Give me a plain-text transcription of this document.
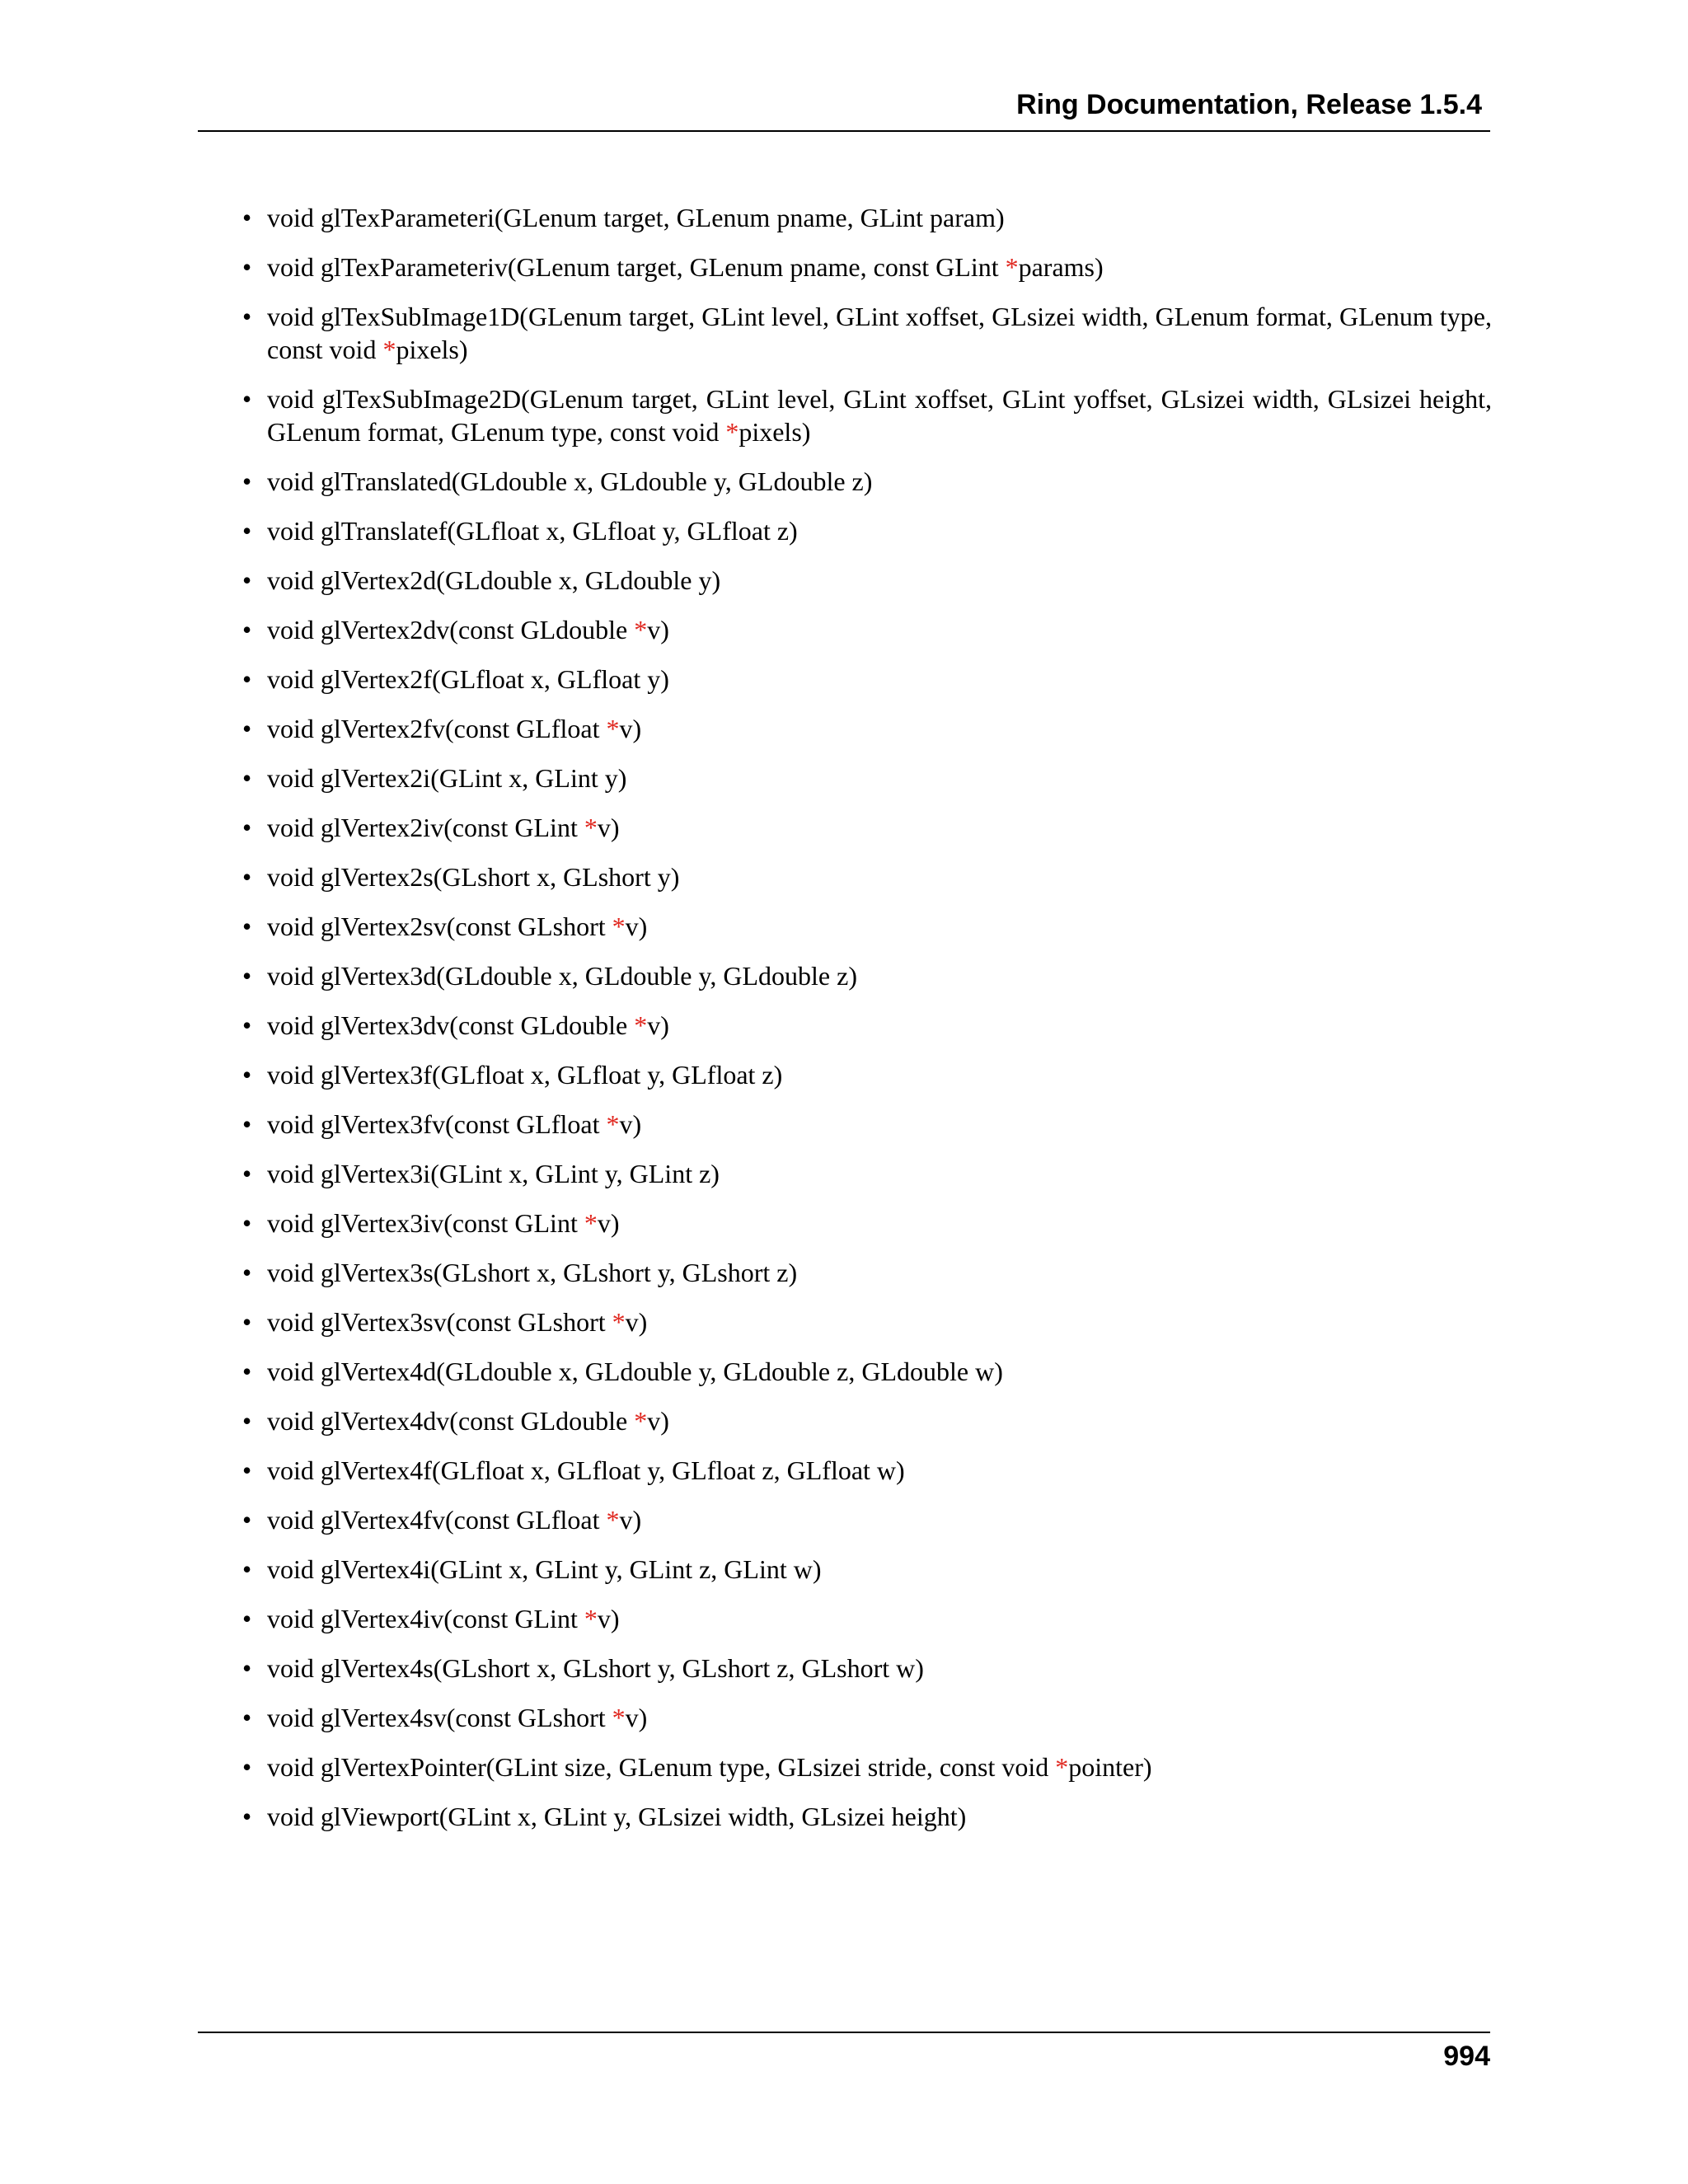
Ring Documentation, Release 1.5.4
• void glTexParameteri(GLenum target, GLenum pname, GLint param)
• void glTexParameteriv(GLenum target, GLenum pname, const GLint *params)
• void glTexSubImage1D(GLenum target, GLint level, GLint xoffset, GLsizei width, GLenum format, GLenum type, const void *pixels)
• void glTexSubImage2D(GLenum target, GLint level, GLint xoffset, GLint yoffset, GLsizei width, GLsizei height, GLenum format, GLenum type, const void *pixels)
• void glTranslated(GLdouble x, GLdouble y, GLdouble z)
• void glTranslatef(GLfloat x, GLfloat y, GLfloat z)
• void glVertex2d(GLdouble x, GLdouble y)
• void glVertex2dv(const GLdouble *v)
• void glVertex2f(GLfloat x, GLfloat y)
• void glVertex2fv(const GLfloat *v)
• void glVertex2i(GLint x, GLint y)
• void glVertex2iv(const GLint *v)
• void glVertex2s(GLshort x, GLshort y)
• void glVertex2sv(const GLshort *v)
• void glVertex3d(GLdouble x, GLdouble y, GLdouble z)
• void glVertex3dv(const GLdouble *v)
• void glVertex3f(GLfloat x, GLfloat y, GLfloat z)
• void glVertex3fv(const GLfloat *v)
• void glVertex3i(GLint x, GLint y, GLint z)
• void glVertex3iv(const GLint *v)
• void glVertex3s(GLshort x, GLshort y, GLshort z)
• void glVertex3sv(const GLshort *v)
• void glVertex4d(GLdouble x, GLdouble y, GLdouble z, GLdouble w)
• void glVertex4dv(const GLdouble *v)
• void glVertex4f(GLfloat x, GLfloat y, GLfloat z, GLfloat w)
• void glVertex4fv(const GLfloat *v)
• void glVertex4i(GLint x, GLint y, GLint z, GLint w)
• void glVertex4iv(const GLint *v)
• void glVertex4s(GLshort x, GLshort y, GLshort z, GLshort w)
• void glVertex4sv(const GLshort *v)
• void glVertexPointer(GLint size, GLenum type, GLsizei stride, const void *pointer)
• void glViewport(GLint x, GLint y, GLsizei width, GLsizei height)
994
